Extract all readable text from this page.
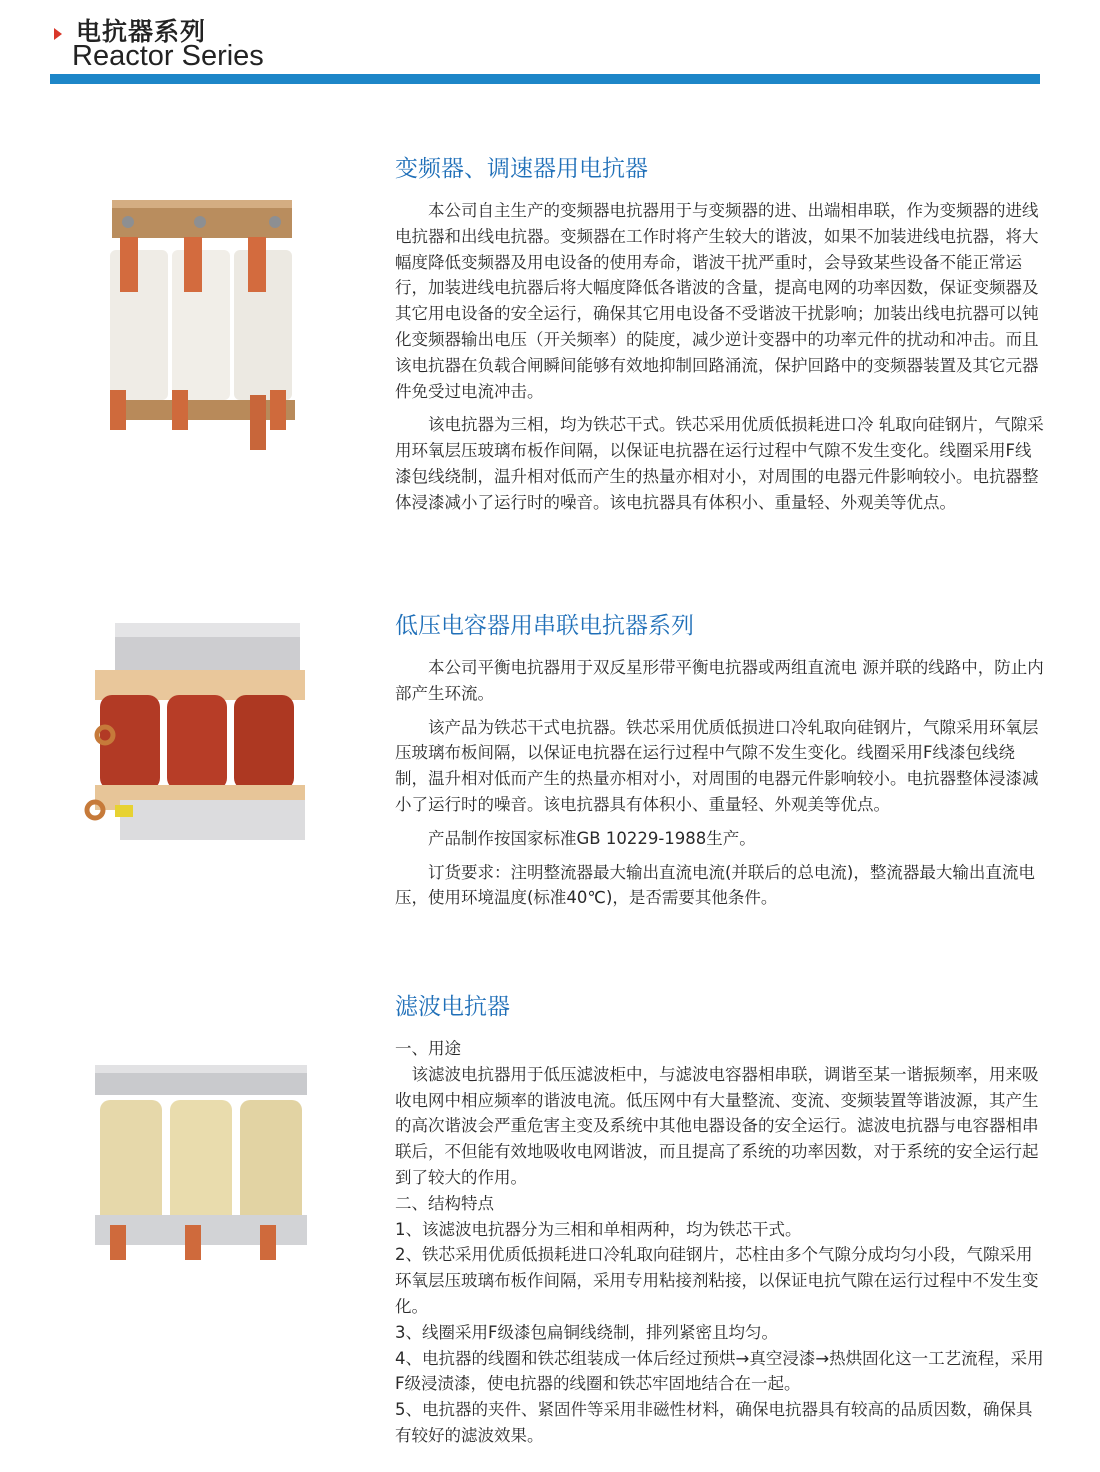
电抗器系列
Reactor Series
变频器、调速器用电抗器

本公司自主生产的变频器电抗器用于与变频器的进、出端相串联，作为变频器的进线电抗器和出线电抗器。变频器在工作时将产生较大的谐波，如果不加装进线电抗器，将大幅度降低变频器及用电设备的使用寿命，谐波干扰严重时，会导致某些设备不能正常运行，加装进线电抗器后将大幅度降低各谐波的含量，提高电网的功率因数，保证变频器及其它用电设备的安全运行，确保其它用电设备不受谐波干扰影响；加装出线电抗器可以钝化变频器输出电压（开关频率）的陡度，减少逆计变器中的功率元件的扰动和冲击。而且该电抗器在负载合闸瞬间能够有效地抑制回路涌流，保护回路中的变频器装置及其它元器件免受过电流冲击。

该电抗器为三相，均为铁芯干式。铁芯采用优质低损耗进口冷 轧取向硅钢片，气隙采用环氧层压玻璃布板作间隔，以保证电抗器在运行过程中气隙不发生变化。线圈采用F线漆包线绕制，温升相对低而产生的热量亦相对小，对周围的电器元件影响较小。电抗器整体浸漆减小了运行时的噪音。该电抗器具有体积小、重量轻、外观美等优点。

低压电容器用串联电抗器系列

本公司平衡电抗器用于双反星形带平衡电抗器或两组直流电 源并联的线路中，防止内部产生环流。

该产品为铁芯干式电抗器。铁芯采用优质低损进口冷轧取向硅钢片，气隙采用环氧层压玻璃布板间隔，以保证电抗器在运行过程中气隙不发生变化。线圈采用F线漆包线绕制，温升相对低而产生的热量亦相对小，对周围的电器元件影响较小。电抗器整体浸漆减小了运行时的噪音。该电抗器具有体积小、重量轻、外观美等优点。

产品制作按国家标准GB 10229-1988生产。

订货要求：注明整流器最大输出直流电流(并联后的总电流)，整流器最大输出直流电压，使用环境温度(标准40℃)，是否需要其他条件。

滤波电抗器

一、用途

该滤波电抗器用于低压滤波柜中，与滤波电容器相串联，调谐至某一谐振频率，用来吸收电网中相应频率的谐波电流。低压网中有大量整流、变流、变频装置等谐波源，其产生的高次谐波会严重危害主变及系统中其他电器设备的安全运行。滤波电抗器与电容器相串联后，不但能有效地吸收电网谐波，而且提高了系统的功率因数，对于系统的安全运行起到了较大的作用。

二、结构特点

1、该滤波电抗器分为三相和单相两种，均为铁芯干式。

2、铁芯采用优质低损耗进口冷轧取向硅钢片，芯柱由多个气隙分成均匀小段，气隙采用环氧层压玻璃布板作间隔，采用专用粘接剂粘接，以保证电抗气隙在运行过程中不发生变化。

3、线圈采用F级漆包扁铜线绕制，排列紧密且均匀。

4、电抗器的线圈和铁芯组装成一体后经过预烘→真空浸漆→热烘固化这一工艺流程，采用F级浸渍漆，使电抗器的线圈和铁芯牢固地结合在一起。

5、电抗器的夹件、紧固件等采用非磁性材料，确保电抗器具有较高的品质因数，确保具有较好的滤波效果。
